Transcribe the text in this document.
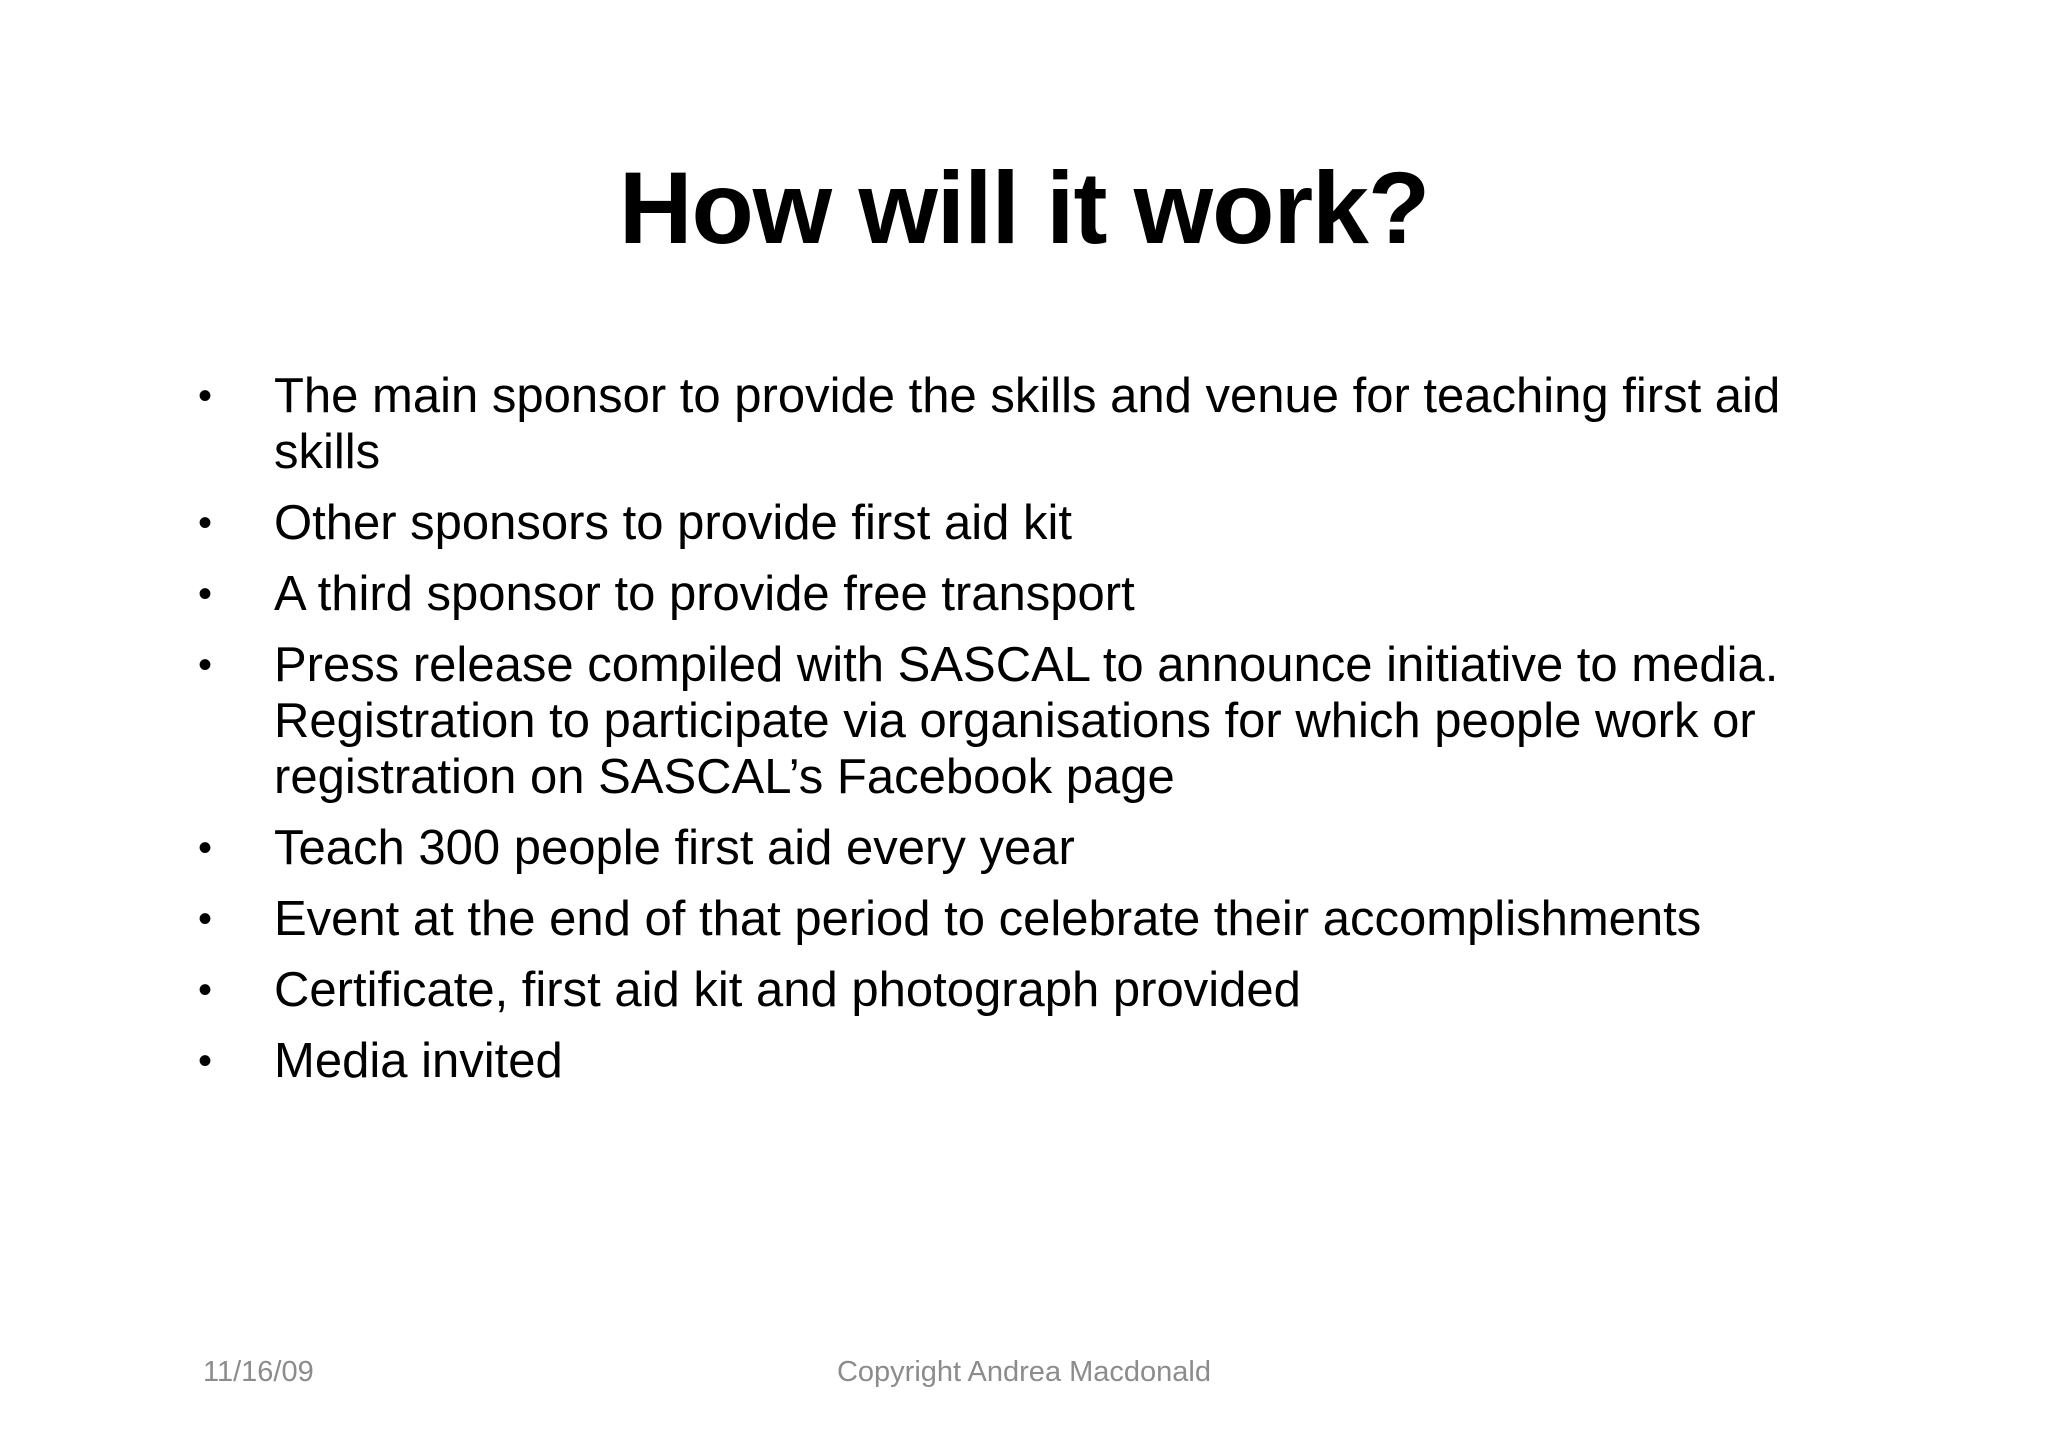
How will it work?
•	The main sponsor to provide the skills and venue for teaching first aid skills
•	Other sponsors to provide first aid kit
•	A third sponsor to provide free transport
•	Press release compiled with SASCAL to announce initiative to media. Registration to participate via organisations for which people work or registration on SASCAL’s Facebook page
•	Teach 300 people first aid every year
•	Event at the end of that period to celebrate their accomplishments
•	Certificate, first aid kit and photograph provided
•	Media invited
11/16/09	Copyright Andrea Macdonald
